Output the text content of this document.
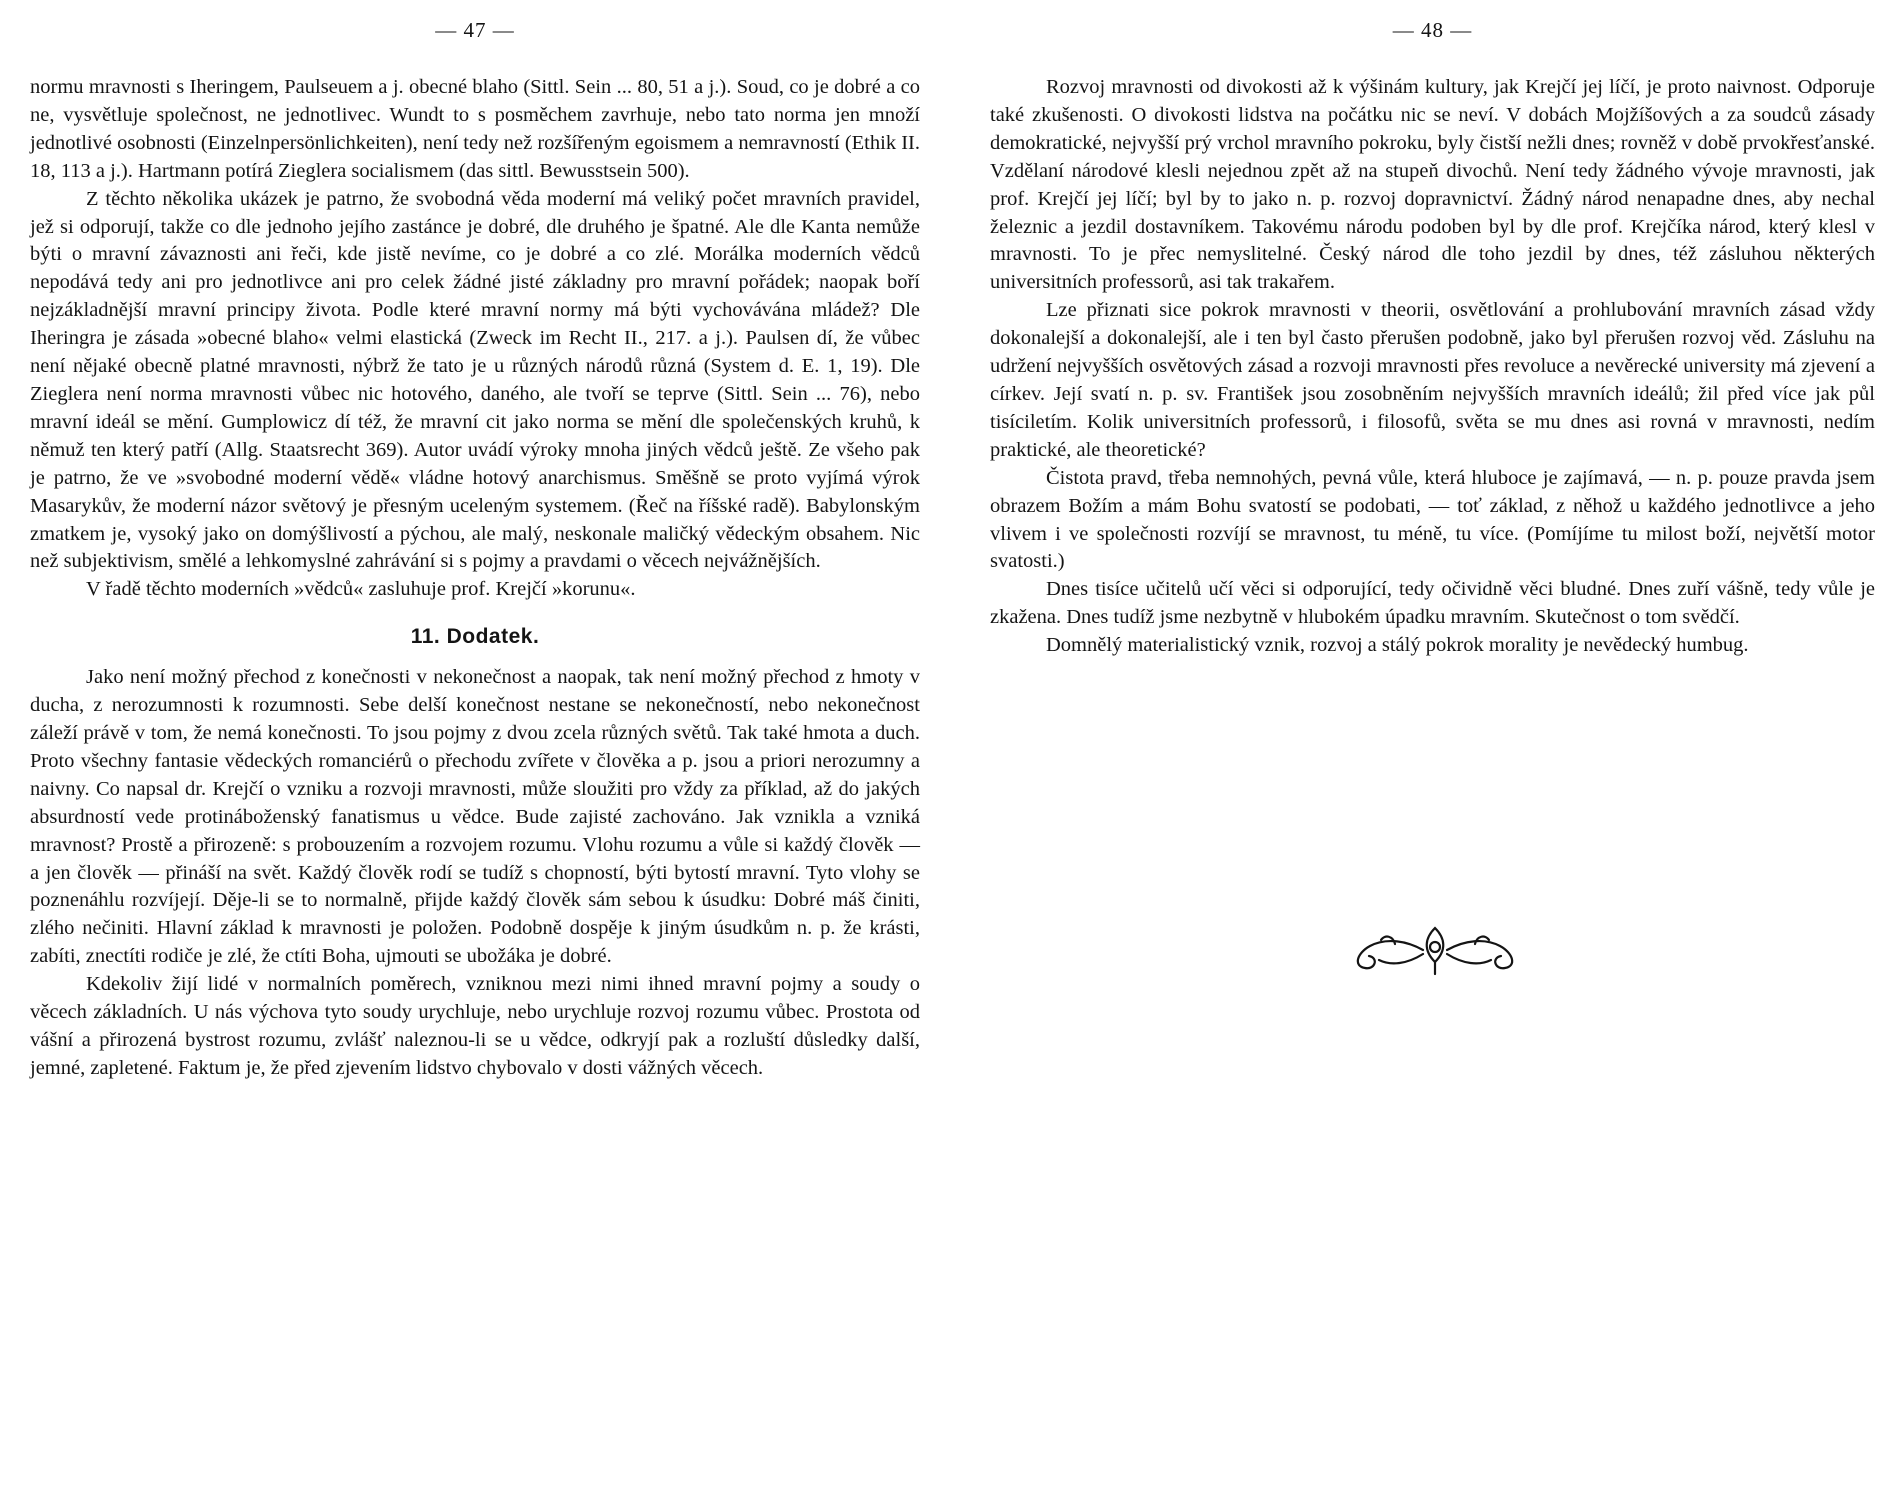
— 47 —

normu mravnosti s Iheringem, Paulseuem a j. obecné blaho (Sittl. Sein ... 80, 51 a j.). Soud, co je dobré a co ne, vysvětluje společnost, ne jednotlivec. Wundt to s posměchem zavrhuje, nebo tato norma jen množí jednotlivé osobnosti (Einzelnpersönlichkeiten), není tedy než rozšířeným egoismem a nemravností (Ethik II. 18, 113 a j.). Hartmann potírá Zieglera socialismem (das sittl. Bewusstsein 500).

Z těchto několika ukázek je patrno, že svobodná věda moderní má veliký počet mravních pravidel, jež si odporují, takže co dle jednoho jejího zastánce je dobré, dle druhého je špatné. Ale dle Kanta nemůže býti o mravní závaznosti ani řeči, kde jistě nevíme, co je dobré a co zlé. Morálka moderních vědců nepodává tedy ani pro jednotlivce ani pro celek žádné jisté základny pro mravní pořádek; naopak boří nejzákladnější mravní principy života. Podle které mravní normy má býti vychovávána mládež? Dle Iheringra je zásada »obecné blaho« velmi elastická (Zweck im Recht II., 217. a j.). Paulsen dí, že vůbec není nějaké obecně platné mravnosti, nýbrž že tato je u různých národů různá (System d. E. 1, 19). Dle Zieglera není norma mravnosti vůbec nic hotového, daného, ale tvoří se teprve (Sittl. Sein ... 76), nebo mravní ideál se mění. Gumplowicz dí též, že mravní cit jako norma se mění dle společenských kruhů, k němuž ten který patří (Allg. Staatsrecht 369). Autor uvádí výroky mnoha jiných vědců ještě. Ze všeho pak je patrno, že ve »svobodné moderní vědě« vládne hotový anarchismus. Směšně se proto vyjímá výrok Masarykův, že moderní názor světový je přesným uceleným systemem. (Řeč na říšské radě). Babylonským zmatkem je, vysoký jako on domýšlivostí a pýchou, ale malý, neskonale maličký vědeckým obsahem. Nic než subjektivism, smělé a lehkomyslné zahrávání si s pojmy a pravdami o věcech nejvážnějších.

V řadě těchto moderních »vědců« zasluhuje prof. Krejčí »korunu«.

11. Dodatek.

Jako není možný přechod z konečnosti v nekonečnost a naopak, tak není možný přechod z hmoty v ducha, z nerozumnosti k rozumnosti. Sebe delší konečnost nestane se nekonečností, nebo nekonečnost záleží právě v tom, že nemá konečnosti. To jsou pojmy z dvou zcela různých světů. Tak také hmota a duch. Proto všechny fantasie vědeckých romanciérů o přechodu zvířete v člověka a p. jsou a priori nerozumny a naivny. Co napsal dr. Krejčí o vzniku a rozvoji mravnosti, může sloužiti pro vždy za příklad, až do jakých absurdností vede protináboženský fanatismus u vědce. Bude zajisté zachováno. Jak vznikla a vzniká mravnost? Prostě a přirozeně: s probouzením a rozvojem rozumu. Vlohu rozumu a vůle si každý člověk — a jen člověk — přináší na svět. Každý člověk rodí se tudíž s chopností, býti bytostí mravní. Tyto vlohy se poznenáhlu rozvíjejí. Děje-li se to normalně, přijde každý člověk sám sebou k úsudku: Dobré máš činiti, zlého nečiniti. Hlavní základ k mravnosti je položen. Podobně dospěje k jiným úsudkům n. p. že krásti, zabíti, znectíti rodiče je zlé, že ctíti Boha, ujmouti se ubožáka je dobré.

Kdekoliv žijí lidé v normalních poměrech, vzniknou mezi nimi ihned mravní pojmy a soudy o věcech základních. U nás výchova tyto soudy urychluje, nebo urychluje rozvoj rozumu vůbec. Prostota od vášní a přirozená bystrost rozumu, zvlášť naleznou-li se u vědce, odkryjí pak a rozluští důsledky další, jemné, zapletené. Faktum je, že před zjevením lidstvo chybovalo v dosti vážných věcech.

— 48 —

Rozvoj mravnosti od divokosti až k výšinám kultury, jak Krejčí jej líčí, je proto naivnost. Odporuje také zkušenosti. O divokosti lidstva na počátku nic se neví. V dobách Mojžíšových a za soudců zásady demokratické, nejvyšší prý vrchol mravního pokroku, byly čistší nežli dnes; rovněž v době prvokřesťanské. Vzdělaní národové klesli nejednou zpět až na stupeň divochů. Není tedy žádného vývoje mravnosti, jak prof. Krejčí jej líčí; byl by to jako n. p. rozvoj dopravnictví. Žádný národ nenapadne dnes, aby nechal železnic a jezdil dostavníkem. Takovému národu podoben byl by dle prof. Krejčíka národ, který klesl v mravnosti. To je přec nemyslitelné. Český národ dle toho jezdil by dnes, též zásluhou některých universitních professorů, asi tak trakařem.

Lze přiznati sice pokrok mravnosti v theorii, osvětlování a prohlubování mravních zásad vždy dokonalejší a dokonalejší, ale i ten byl často přerušen podobně, jako byl přerušen rozvoj věd. Zásluhu na udržení nejvyšších osvětových zásad a rozvoji mravnosti přes revoluce a nevěrecké university má zjevení a církev. Její svatí n. p. sv. František jsou zosobněním nejvyšších mravních ideálů; žil před více jak půl tisíciletím. Kolik universitních professorů, i filosofů, světa se mu dnes asi rovná v mravnosti, nedím praktické, ale theoretické?

Čistota pravd, třeba nemnohých, pevná vůle, která hluboce je zajímavá, — n. p. pouze pravda jsem obrazem Božím a mám Bohu svatostí se podobati, — toť základ, z něhož u každého jednotlivce a jeho vlivem i ve společnosti rozvíjí se mravnost, tu méně, tu více. (Pomíjíme tu milost boží, největší motor svatosti.)

Dnes tisíce učitelů učí věci si odporující, tedy očividně věci bludné. Dnes zuří vášně, tedy vůle je zkažena. Dnes tudíž jsme nezbytně v hlubokém úpadku mravním. Skutečnost o tom svědčí.

Domnělý materialistický vznik, rozvoj a stálý pokrok morality je nevědecký humbug.
